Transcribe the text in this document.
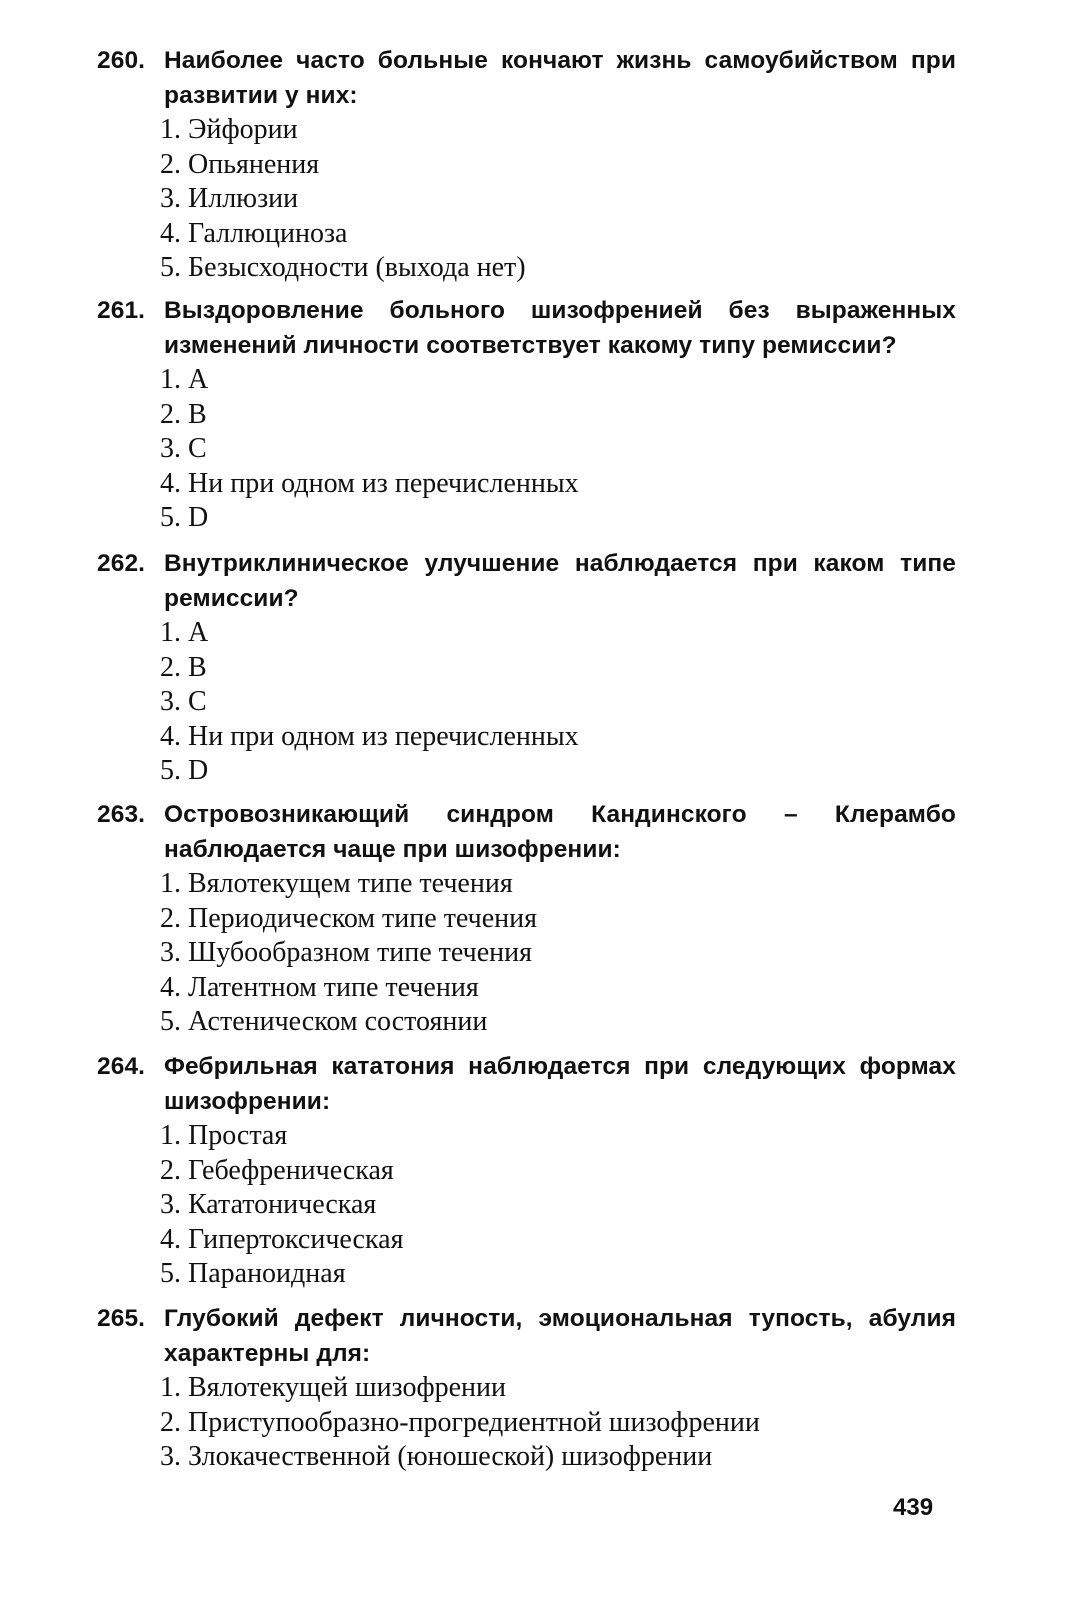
260. Наиболее часто больные кончают жизнь самоубийством при развитии у них:
1. Эйфории
2. Опьянения
3. Иллюзии
4. Галлюциноза
5. Безысходности (выхода нет)
261. Выздоровление больного шизофренией без выраженных изменений личности соответствует какому типу ремиссии?
1. А
2. В
3. С
4. Ни при одном из перечисленных
5. D
262. Внутриклиническое улучшение наблюдается при каком типе ремиссии?
1. А
2. В
3. С
4. Ни при одном из перечисленных
5. D
263. Островозникающий синдром Кандинского – Клерамбо наблюдается чаще при шизофрении:
1. Вялотекущем типе течения
2. Периодическом типе течения
3. Шубообразном типе течения
4. Латентном типе течения
5. Астеническом состоянии
264. Фебрильная кататония наблюдается при следующих формах шизофрении:
1. Простая
2. Гебефреническая
3. Кататоническая
4. Гипертоксическая
5. Параноидная
265. Глубокий дефект личности, эмоциональная тупость, абулия характерны для:
1. Вялотекущей шизофрении
2. Приступообразно-прогредиентной шизофрении
3. Злокачественной (юношеской) шизофрении
439
